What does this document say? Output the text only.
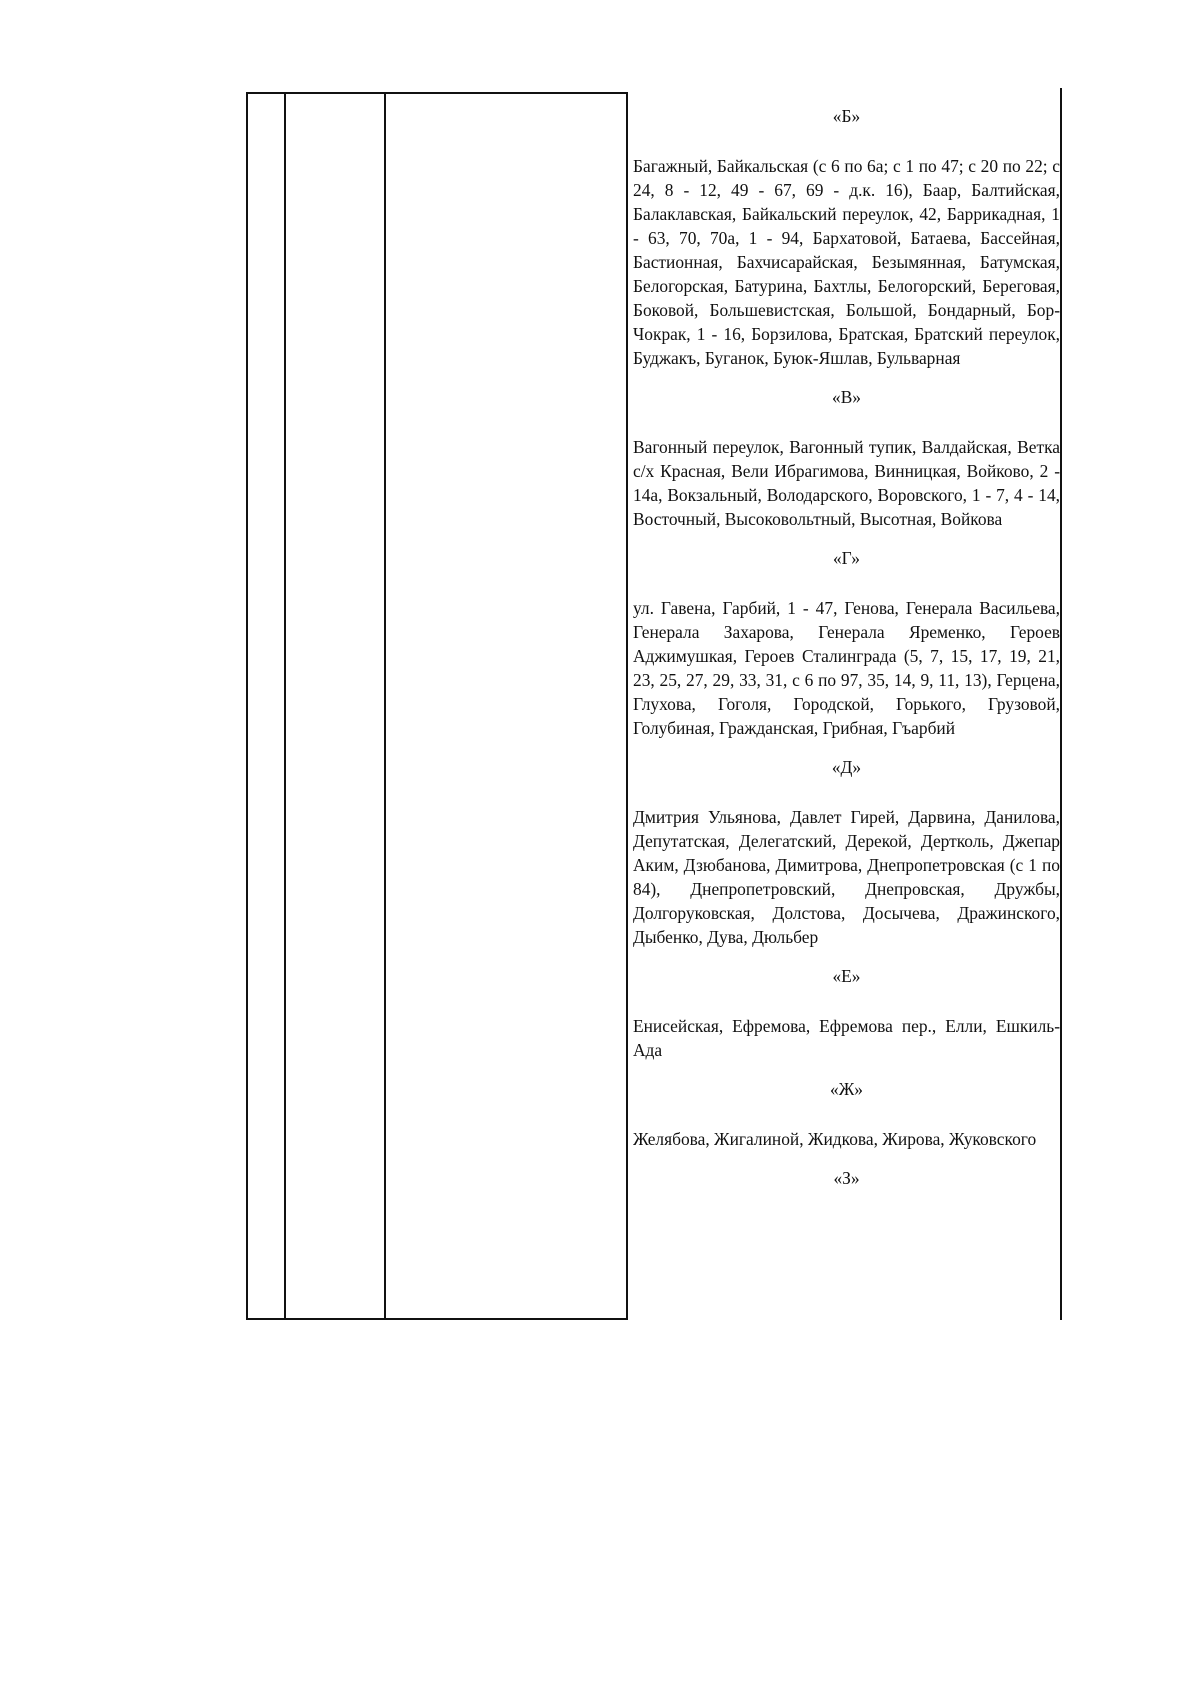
«Б»
Багажный, Байкальская (с 6 по 6а; с 1 по 47; с 20 по 22; с 24, 8 - 12, 49 - 67, 69 - д.к. 16), Баар, Балтийская, Балаклавская, Байкальский переулок, 42, Баррикадная, 1 - 63, 70, 70а, 1 - 94, Бархатовой, Батаева, Бассейная, Бастионная, Бахчисарайская, Безымянная, Батумская, Белогорская, Батурина, Бахтлы, Белогорский, Береговая, Боковой, Большевистская, Большой, Бондарный, Бор-Чокрак, 1 - 16, Борзилова, Братская, Братский переулок, Буджакъ, Буганок, Буюк-Яшлав, Бульварная
«В»
Вагонный переулок, Вагонный тупик, Валдайская, Ветка с/х Красная, Вели Ибрагимова, Винницкая, Войково, 2 - 14а, Вокзальный, Володарского, Воровского, 1 - 7, 4 - 14, Восточный, Высоковольтный, Высотная, Войкова
«Г»
ул. Гавена, Гарбий, 1 - 47, Генова, Генерала Васильева, Генерала Захарова, Генерала Яременко, Героев Аджимушкая, Героев Сталинграда (5, 7, 15, 17, 19, 21, 23, 25, 27, 29, 33, 31, с 6 по 97, 35, 14, 9, 11, 13), Герцена, Глухова, Гоголя, Городской, Горького, Грузовой, Голубиная, Гражданская, Грибная, Гъарбий
«Д»
Дмитрия Ульянова, Давлет Гирей, Дарвина, Данилова, Депутатская, Делегатский, Дерекой, Дертколь, Джепар Аким, Дзюбанова, Димитрова, Днепропетровская (с 1 по 84), Днепропетровский, Днепровская, Дружбы, Долгоруковская, Долстова, Досычева, Дражинского, Дыбенко, Дува, Дюльбер
«Е»
Енисейская, Ефремова, Ефремова пер., Елли, Ешкиль-Ада
«Ж»
Желябова, Жигалиной, Жидкова, Жирова, Жуковского
«З»
